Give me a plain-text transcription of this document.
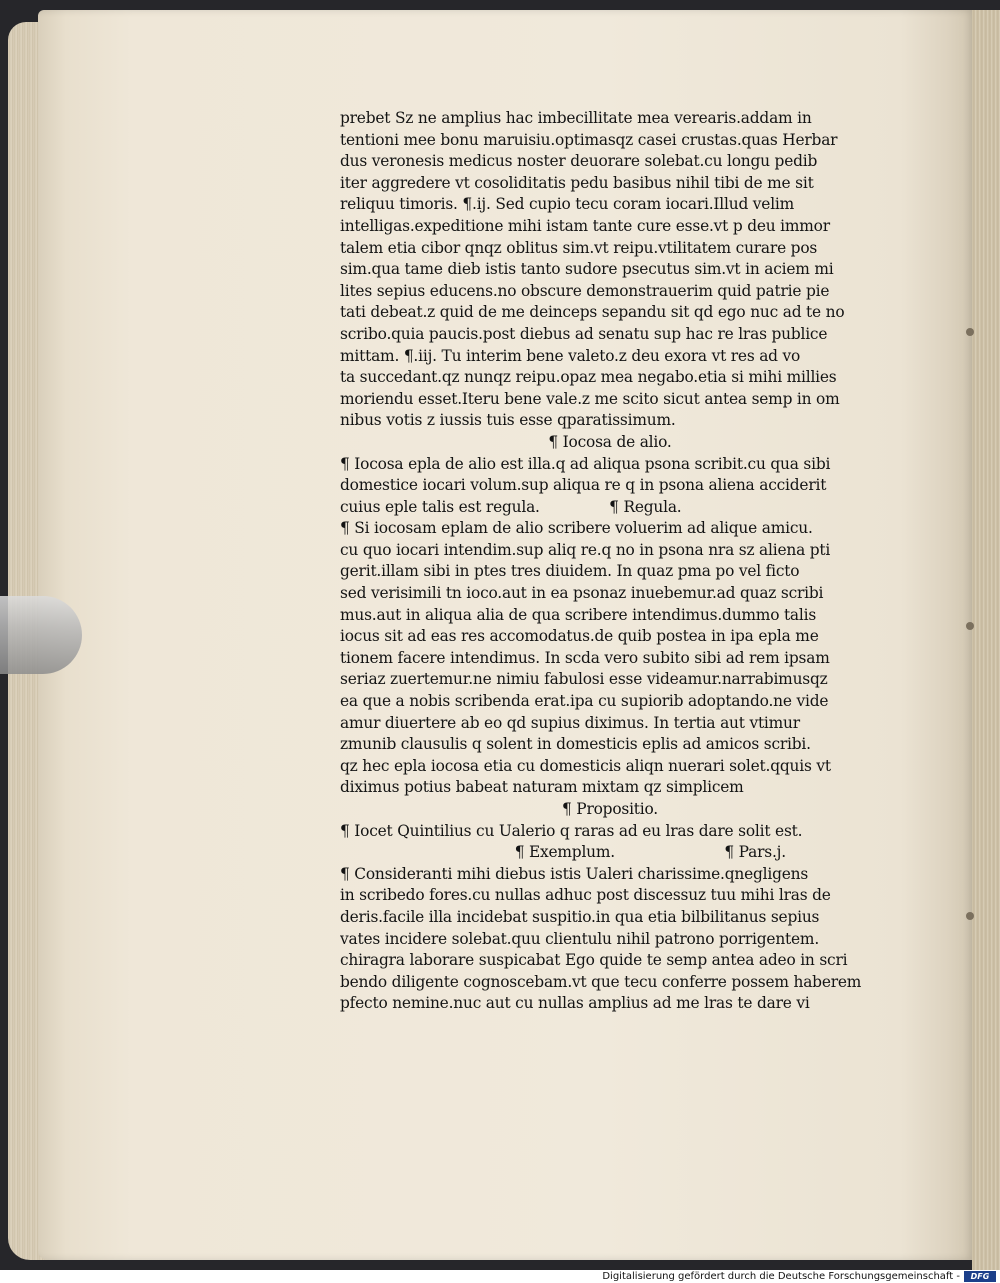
prebet Sz ne amplius hac imbecillitate mea verearis.addam in
tentioni mee bonu maruisiu.optimasqz casei crustas.quas Herbar
dus veronesis medicus noster deuorare solebat.cu longu pedib
iter aggredere vt cosoliditatis pedu basibus nihil tibi de me sit
reliquu timoris. ¶.ij. Sed cupio tecu coram iocari.Illud velim
intelligas.expeditione mihi istam tante cure esse.vt p deu immor
talem etia cibor qnqz oblitus sim.vt reipu.vtilitatem curare pos
sim.qua tame dieb istis tanto sudore psecutus sim.vt in aciem mi
lites sepius educens.no obscure demonstrauerim quid patrie pie
tati debeat.z quid de me deinceps sepandu sit qd ego nuc ad te no
scribo.quia paucis.post diebus ad senatu sup hac re lras publice
mittam. ¶.iij. Tu interim bene valeto.z deu exora vt res ad vo
ta succedant.qz nunqz reipu.opaz mea negabo.etia si mihi millies
moriendu esset.Iteru bene vale.z me scito sicut antea semp in om
nibus votis z iussis tuis esse qparatissimum.
¶ Iocosa de alio.
¶ Iocosa epla de alio est illa.q ad aliqua psona scribit.cu qua sibi
domestice iocari volum.sup aliqua re q in psona aliena acciderit
cuius eple talis est regula.	¶ Regula.
¶ Si iocosam eplam de alio scribere voluerim ad alique amicu.
cu quo iocari intendim.sup aliq re.q no in psona nra sz aliena pti
gerit.illam sibi in ptes tres diuidem. In quaz pma po vel ficto
sed verisimili tn ioco.aut in ea psonaz inuebemur.ad quaz scribi
mus.aut in aliqua alia de qua scribere intendimus.dummo talis
iocus sit ad eas res accomodatus.de quib postea in ipa epla me
tionem facere intendimus. In scda vero subito sibi ad rem ipsam
seriaz zuertemur.ne nimiu fabulosi esse videamur.narrabimusqz
ea que a nobis scribenda erat.ipa cu supiorib adoptando.ne vide
amur diuertere ab eo qd supius diximus. In tertia aut vtimur
zmunib clausulis q solent in domesticis eplis ad amicos scribi.
qz hec epla iocosa etia cu domesticis aliqn nuerari solet.qquis vt
diximus potius babeat naturam mixtam qz simplicem
¶ Propositio.
¶ Iocet Quintilius cu Ualerio q raras ad eu lras dare solit est.
¶ Exemplum.	¶ Pars.j.
¶ Consideranti mihi diebus istis Ualeri charissime.qnegligens
in scribedo fores.cu nullas adhuc post discessuz tuu mihi lras de
deris.facile illa incidebat suspitio.in qua etia bilbilitanus sepius
vates incidere solebat.quu clientulu nihil patrono porrigentem.
chiragra laborare suspicabat Ego quide te semp antea adeo in scri
bendo diligente cognoscebam.vt que tecu conferre possem haberem
pfecto nemine.nuc aut cu nullas amplius ad me lras te dare vi
Digitalisierung gefördert durch die Deutsche Forschungsgemeinschaft -	DFG
